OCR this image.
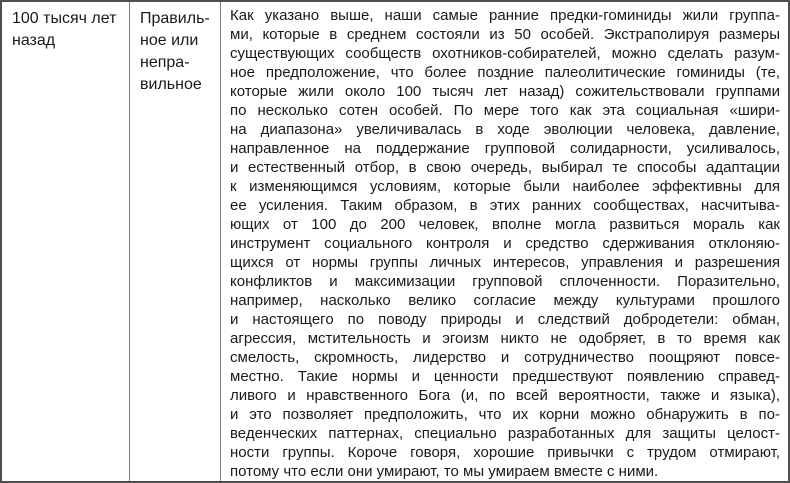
100 тысяч лет
назад
Правиль-
ное или
непра-
вильное
Как указано выше, наши самые ранние предки-гоминиды жили группа-
ми, которые в среднем состояли из 50 особей. Экстраполируя размеры
существующих сообществ охотников-собирателей, можно сделать разум-
ное предположение, что более поздние палеолитические гоминиды (те,
которые жили около 100 тысяч лет назад) сожительствовали группами
по несколько сотен особей. По мере того как эта социальная «шири-
на диапазона» увеличивалась в ходе эволюции человека, давление,
направленное на поддержание групповой солидарности, усиливалось,
и естественный отбор, в свою очередь, выбирал те способы адаптации
к изменяющимся условиям, которые были наиболее эффективны для
ее усиления. Таким образом, в этих ранних сообществах, насчитыва-
ющих от 100 до 200 человек, вполне могла развиться мораль как
инструмент социального контроля и средство сдерживания отклоняю-
щихся от нормы группы личных интересов, управления и разрешения
конфликтов и максимизации групповой сплоченности. Поразительно,
например, насколько велико согласие между культурами прошлого
и настоящего по поводу природы и следствий добродетели: обман,
агрессия, мстительность и эгоизм никто не одобряет, в то время как
смелость, скромность, лидерство и сотрудничество поощряют повсе-
местно. Такие нормы и ценности предшествуют появлению справед-
ливого и нравственного Бога (и, по всей вероятности, также и языка),
и это позволяет предположить, что их корни можно обнаружить в по-
веденческих паттернах, специально разработанных для защиты целост-
ности группы. Короче говоря, хорошие привычки с трудом отмирают,
потому что если они умирают, то мы умираем вместе с ними.
